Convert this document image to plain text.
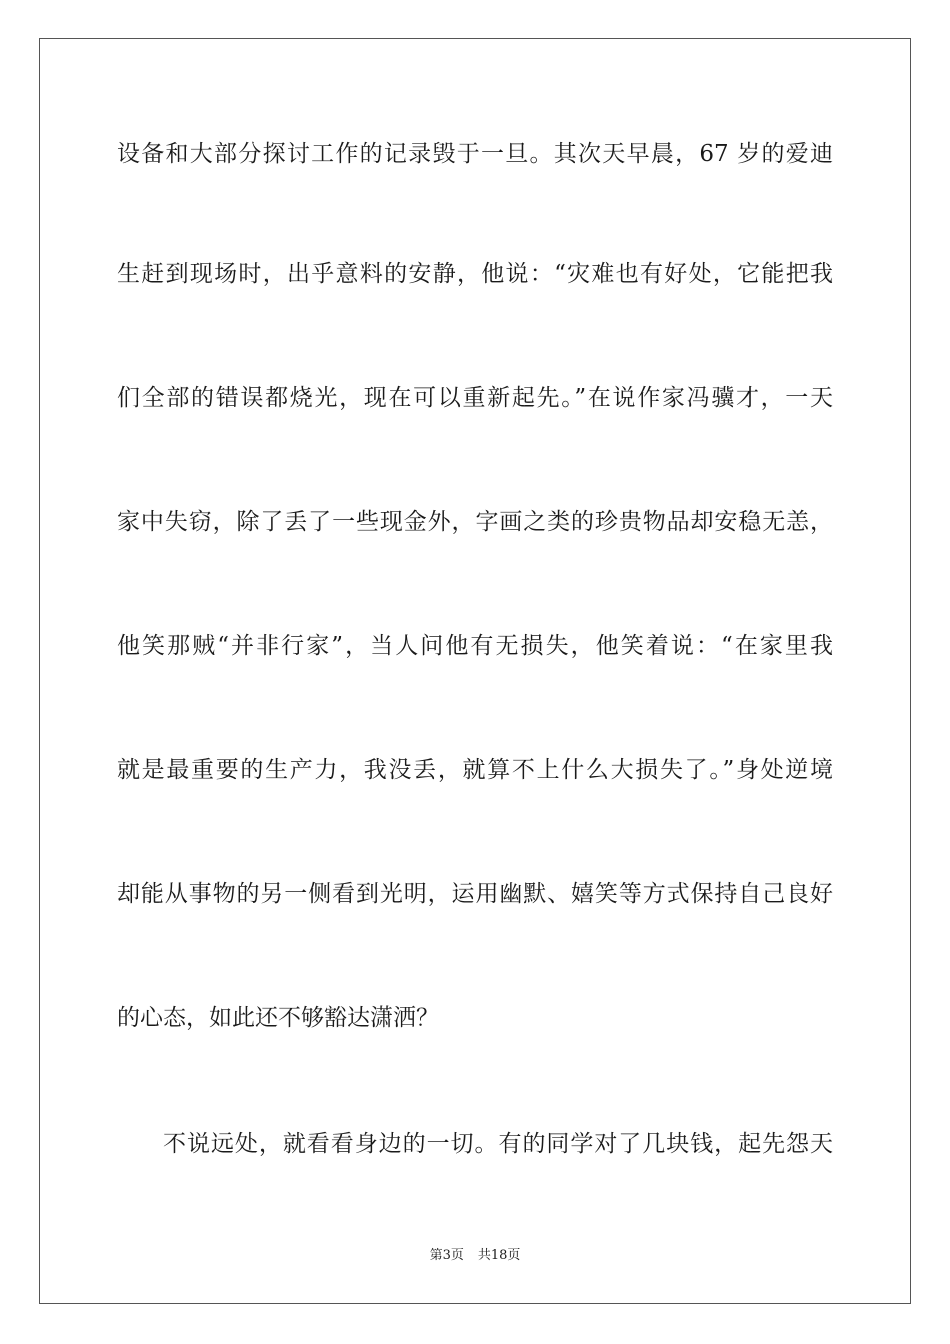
设备和大部分探讨工作的记录毁于一旦。其次天早晨，67 岁的爱迪
生赶到现场时，出乎意料的安静，他说：“灾难也有好处，它能把我
们全部的错误都烧光，现在可以重新起先。”在说作家冯骥才，一天
家中失窃，除了丢了一些现金外，字画之类的珍贵物品却安稳无恙，
他笑那贼“并非行家”，当人问他有无损失，他笑着说：“在家里我
就是最重要的生产力，我没丢，就算不上什么大损失了。”身处逆境
却能从事物的另一侧看到光明，运用幽默、嬉笑等方式保持自己良好
的心态，如此还不够豁达潇洒？
不说远处，就看看身边的一切。有的同学对了几块钱，起先怨天
第3页 共18页
